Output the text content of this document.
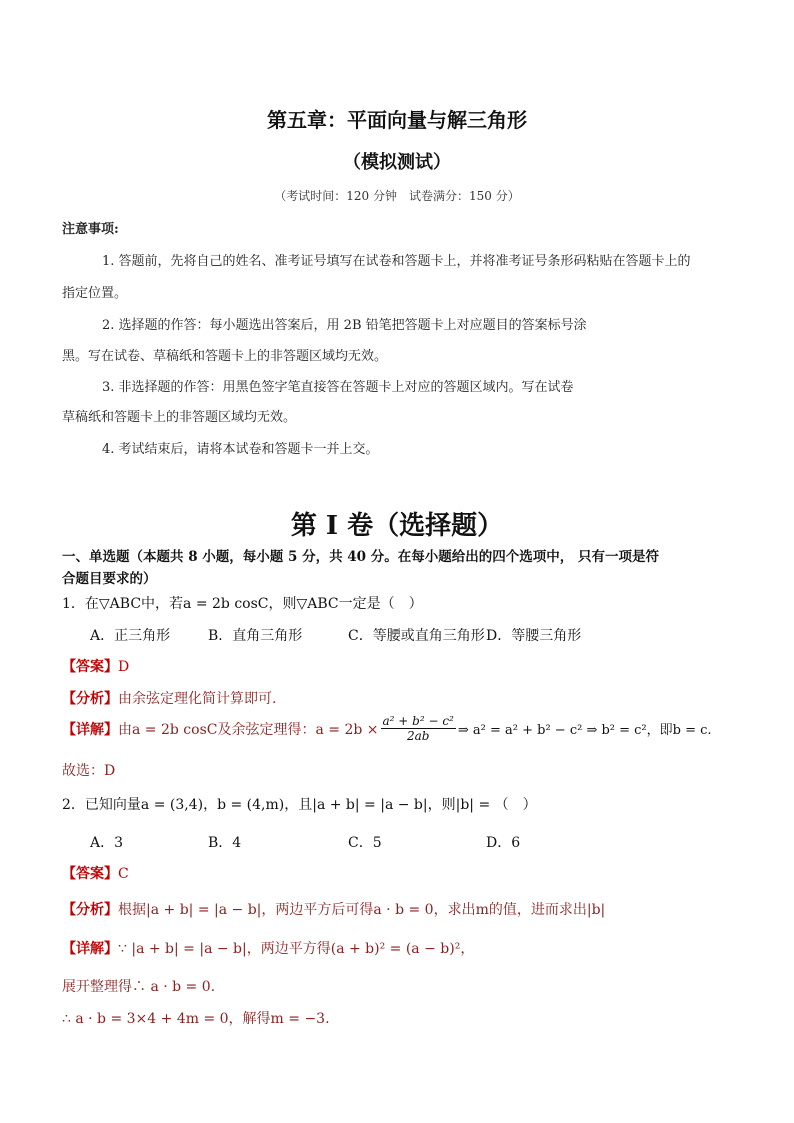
第五章：平面向量与解三角形
（模拟测试）
（考试时间：120 分钟　试卷满分：150 分）
注意事项:
1. 答题前，先将自己的姓名、准考证号填写在试卷和答题卡上，并将准考证号条形码粘贴在答题卡上的
指定位置。
2. 选择题的作答：每小题选出答案后，用 2B 铅笔把答题卡上对应题目的答案标号涂
黑。写在试卷、草稿纸和答题卡上的非答题区域均无效。
3. 非选择题的作答：用黑色签字笔直接答在答题卡上对应的答题区域内。写在试卷
草稿纸和答题卡上的非答题区域均无效。
4. 考试结束后，请将本试卷和答题卡一并上交。
第 I 卷（选择题）
一、单选题（本题共 8 小题，每小题 5 分，共 40 分。在每小题给出的四个选项中， 只有一项是符
合题目要求的）
1．在▽ABC中，若a = 2b cosC，则▽ABC一定是（　）
A．正三角形	B．直角三角形	C．等腰或直角三角形 D．等腰三角形
【答案】D
【分析】由余弦定理化简计算即可.
【详解】 由a = 2b cosC及余弦定理得：$a = 2b \times \frac{\text{a² + b² − c²}}{2ab}$ ⇒ a² = a² + b² − c² ⇒ b² = c²，即b = c.
故选：D
2．已知向量a = (3,4)，b = (4,m)，且|a + b| = |a − b|，则|b| = （　）
A．3	B．4	C．5	D．6
【答案】C
【分析】根据|a + b| = |a − b|，两边平方后可得a · b = 0，求出m的值，进而求出|b|
【详解】∵ |a + b| = |a − b|，两边平方得(a + b)² = (a − b)²，
展开整理得∴ a · b = 0.
∴ a · b = 3×4 + 4m = 0，解得m = −3.
